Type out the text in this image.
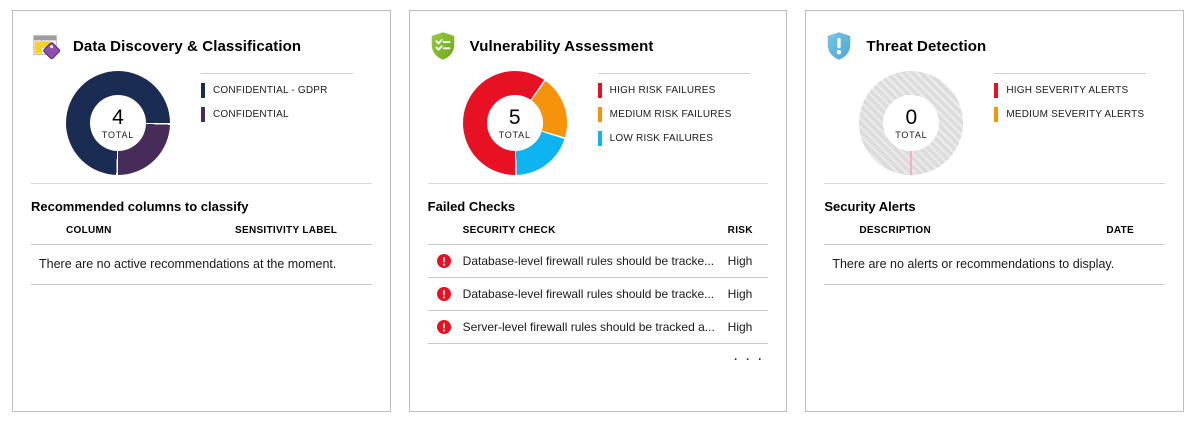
Data Discovery & Classification
4
TOTAL
CONFIDENTIAL - GDPR
CONFIDENTIAL
Recommended columns to classify
COLUMN	SENSITIVITY LABEL
There are no active recommendations at the moment.
Vulnerability Assessment
5
TOTAL
HIGH RISK FAILURES
MEDIUM RISK FAILURES
LOW RISK FAILURES
Failed Checks
SECURITY CHECK	RISK
Database-level firewall rules should be tracke...	High
Database-level firewall rules should be tracke...	High
Server-level firewall rules should be tracked a...	High
. . .
Threat Detection
0
TOTAL
HIGH SEVERITY ALERTS
MEDIUM SEVERITY ALERTS
Security Alerts
DESCRIPTION	DATE
There are no alerts or recommendations to display.
